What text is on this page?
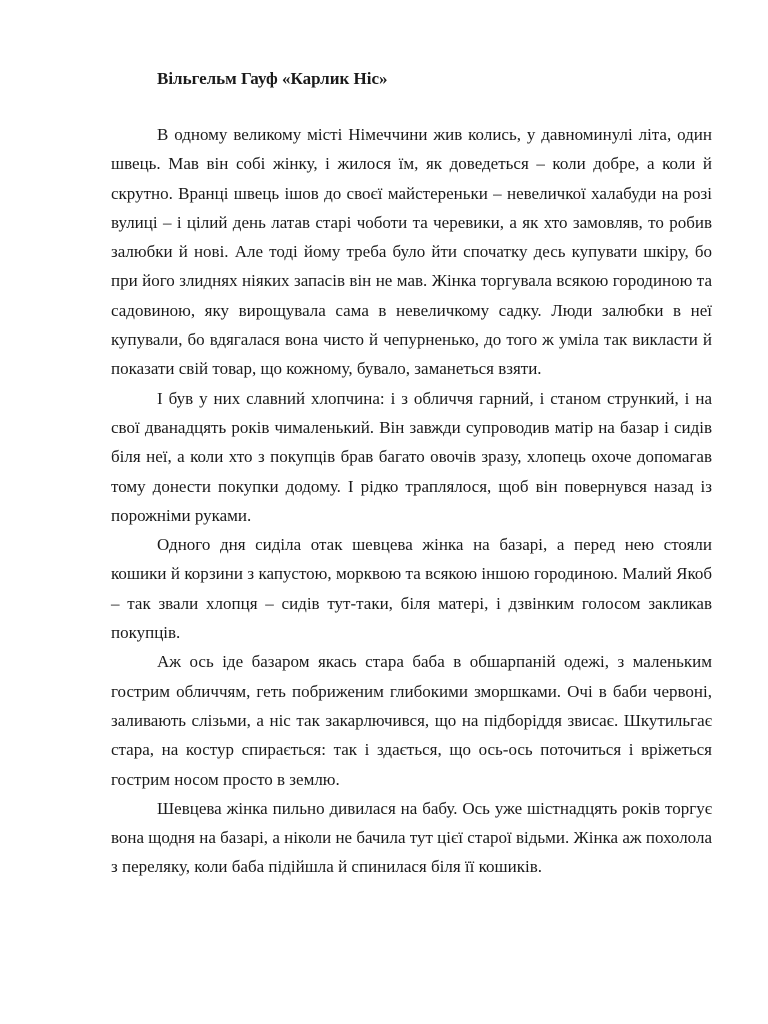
Вільгельм Гауф «Карлик Ніс»

В одному великому місті Німеччини жив колись, у давноминулі літа, один швець. Мав він собі жінку, і жилося їм, як доведеться – коли добре, а коли й скрутно. Вранці швець ішов до своєї майстереньки – невеличкої халабуди на розі вулиці – і цілий день латав старі чоботи та черевики, а як хто замовляв, то робив залюбки й нові. Але тоді йому треба було йти спочатку десь купувати шкіру, бо при його злиднях ніяких запасів він не мав. Жінка торгувала всякою городиною та садовиною, яку вирощувала сама в невеличкому садку. Люди залюбки в неї купували, бо вдягалася вона чисто й чепурненько, до того ж уміла так викласти й показати свій товар, що кожному, бувало, заманеться взяти.

І був у них славний хлопчина: і з обличчя гарний, і станом стрункий, і на свої дванадцять років чималенький. Він завжди супроводив матір на базар і сидів біля неї, а коли хто з покупців брав багато овочів зразу, хлопець охоче допомагав тому донести покупки додому. І рідко траплялося, щоб він повернувся назад із порожніми руками.

Одного дня сиділа отак шевцева жінка на базарі, а перед нею стояли кошики й корзини з капустою, морквою та всякою іншою городиною. Малий Якоб – так звали хлопця – сидів тут-таки, біля матері, і дзвінким голосом закликав покупців.

Аж ось іде базаром якась стара баба в обшарпаній одежі, з маленьким гострим обличчям, геть побриженим глибокими зморшками. Очі в баби червоні, заливають слізьми, а ніс так закарлючився, що на підборіддя звисає. Шкутильгає стара, на костур спирається: так і здається, що ось-ось поточиться і вріжеться гострим носом просто в землю.

Шевцева жінка пильно дивилася на бабу. Ось уже шістнадцять років торгує вона щодня на базарі, а ніколи не бачила тут цієї старої відьми. Жінка аж похолола з переляку, коли баба підійшла й спинилася біля її кошиків.
